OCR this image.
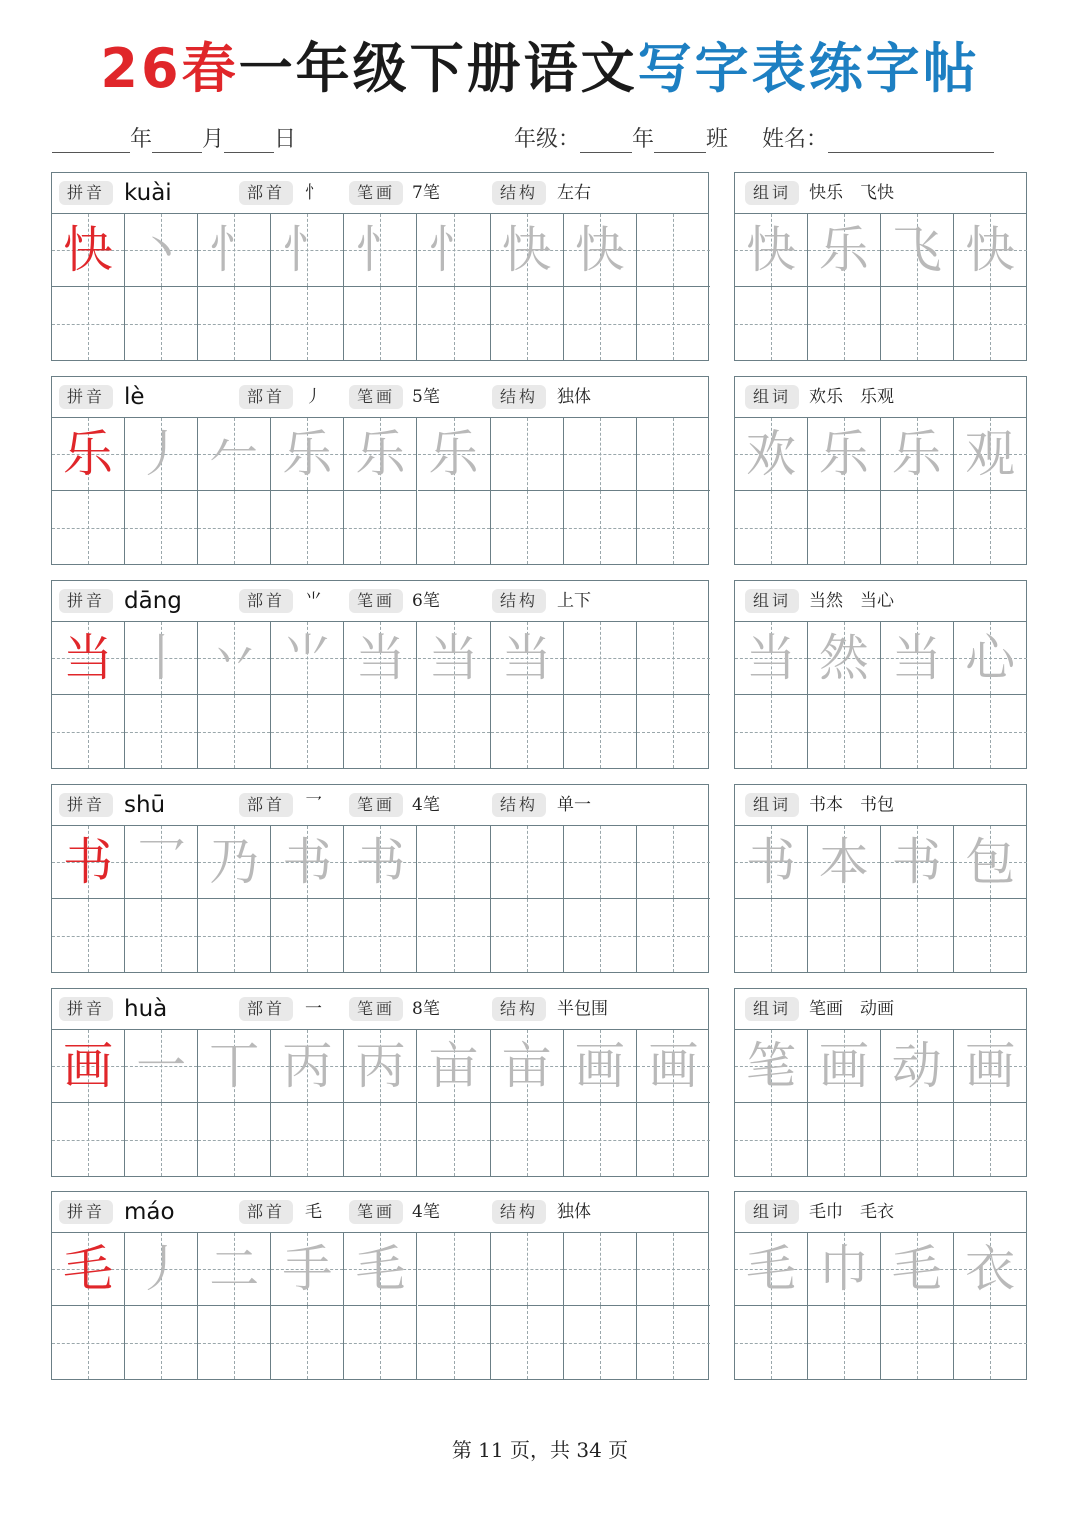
26春一年级下册语文写字表练字帖
年 月 日	年级： 年 班 姓名：
拼音 kuài	部首	忄	笔画 7笔	结构	左右
快 丶 忄 忄 忄 忄 快 快
组词	快乐　飞快
快 乐 飞 快
拼音 lè	部首	丿	笔画 5笔	结构	独体
乐 丿 𠂉 乐 乐 乐
组词	欢乐　乐观
欢 乐 乐 观
拼音 dāng	部首	⺌	笔画 6笔	结构	上下
当 丨 丷 ⺌ 当 当 当
组词	当然　当心
当 然 当 心
拼音 shū	部首	乛	笔画 4笔	结构	单一
书 乛 乃 书 书
组词	书本　书包
书 本 书 包
拼音 huà	部首	一	笔画 8笔	结构	半包围
画 一 丅 丙 丙 亩 亩 画 画
组词	笔画　动画
笔 画 动 画
拼音 máo	部首	毛	笔画 4笔	结构	独体
毛 丿 二 手 毛
组词	毛巾　毛衣
毛 巾 毛 衣
第 11 页，共 34 页
